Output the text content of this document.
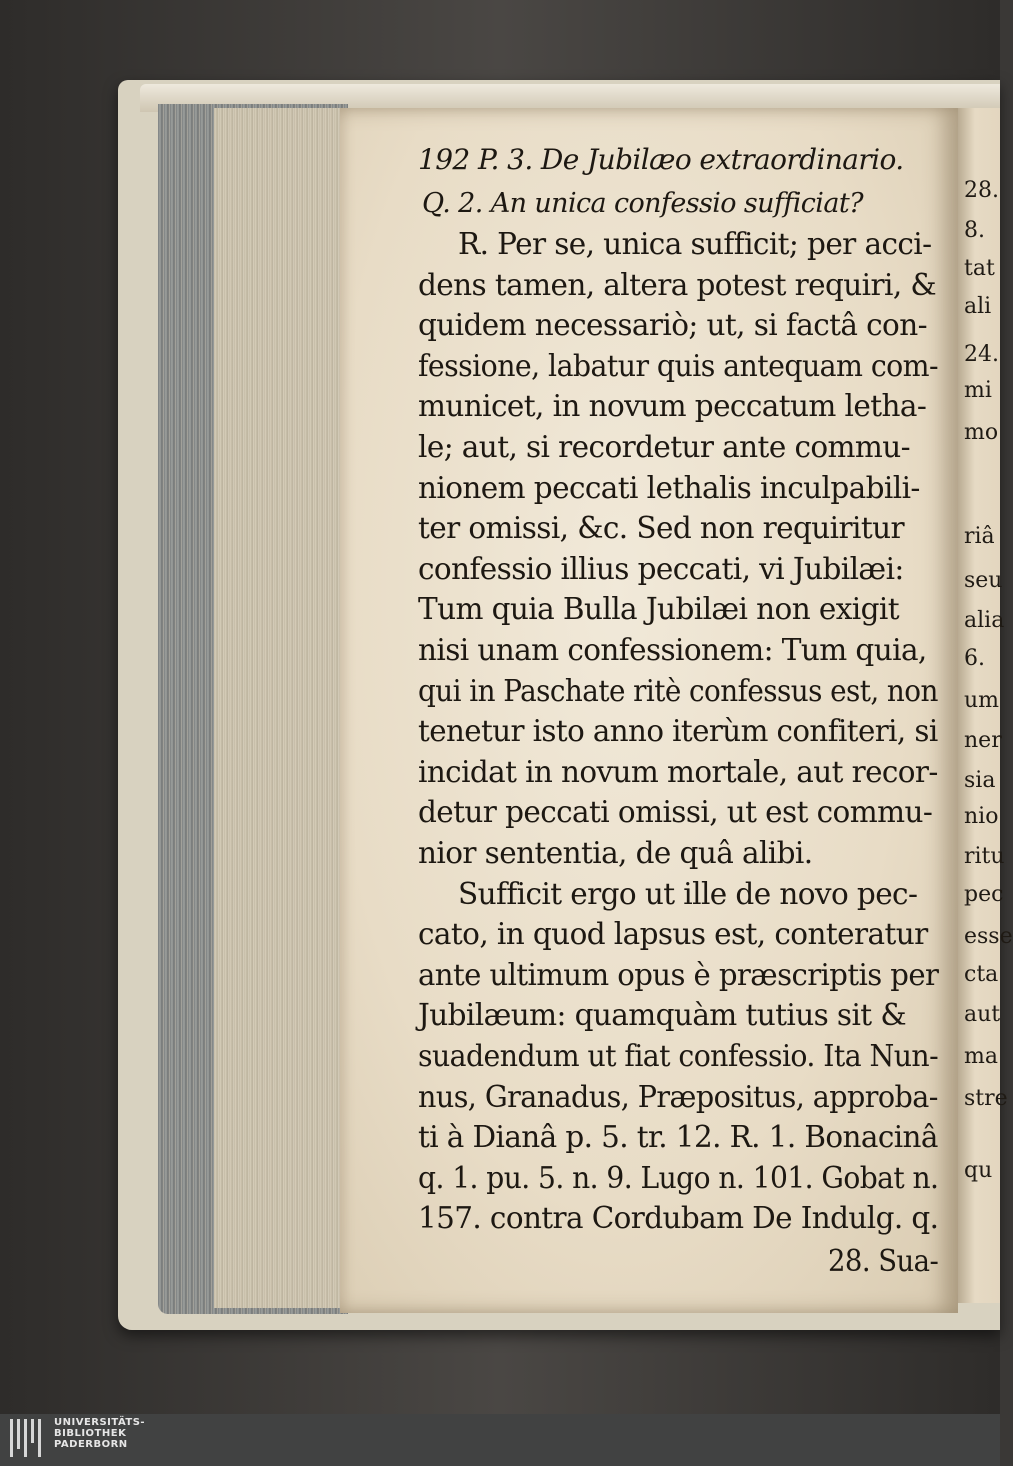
28.
8.
tat
ali
24.
mi
mo
riâ
seu
alia
6.
um
ner
sia
nio
ritu
pec
esse
cta
aut
ma
stre
qu
192 P. 3. De Jubilæo extraordinario.
Q. 2. An unica confessio sufficiat?
R. Per se, unica sufficit; per acci-
dens tamen, altera potest requiri, &
quidem necessariò; ut, si factâ con-
fessione, labatur quis antequam com-
municet, in novum peccatum letha-
le; aut, si recordetur ante commu-
nionem peccati lethalis inculpabili-
ter omissi, &c. Sed non requiritur
confessio illius peccati, vi Jubilæi:
Tum quia Bulla Jubilæi non exigit
nisi unam confessionem: Tum quia,
qui in Paschate ritè confessus est, non
tenetur isto anno iterùm confiteri, si
incidat in novum mortale, aut recor-
detur peccati omissi, ut est commu-
nior sententia, de quâ alibi.
Sufficit ergo ut ille de novo pec-
cato, in quod lapsus est, conteratur
ante ultimum opus è præscriptis per
Jubilæum: quamquàm tutius sit &
suadendum ut fiat confessio. Ita Nun-
nus, Granadus, Præpositus, approba-
ti à Dianâ p. 5. tr. 12. R. 1. Bonacinâ
q. 1. pu. 5. n. 9. Lugo n. 101. Gobat n.
157. contra Cordubam De Indulg. q.
28. Sua-
UNIVERSITÄTS-
BIBLIOTHEK
PADERBORN
